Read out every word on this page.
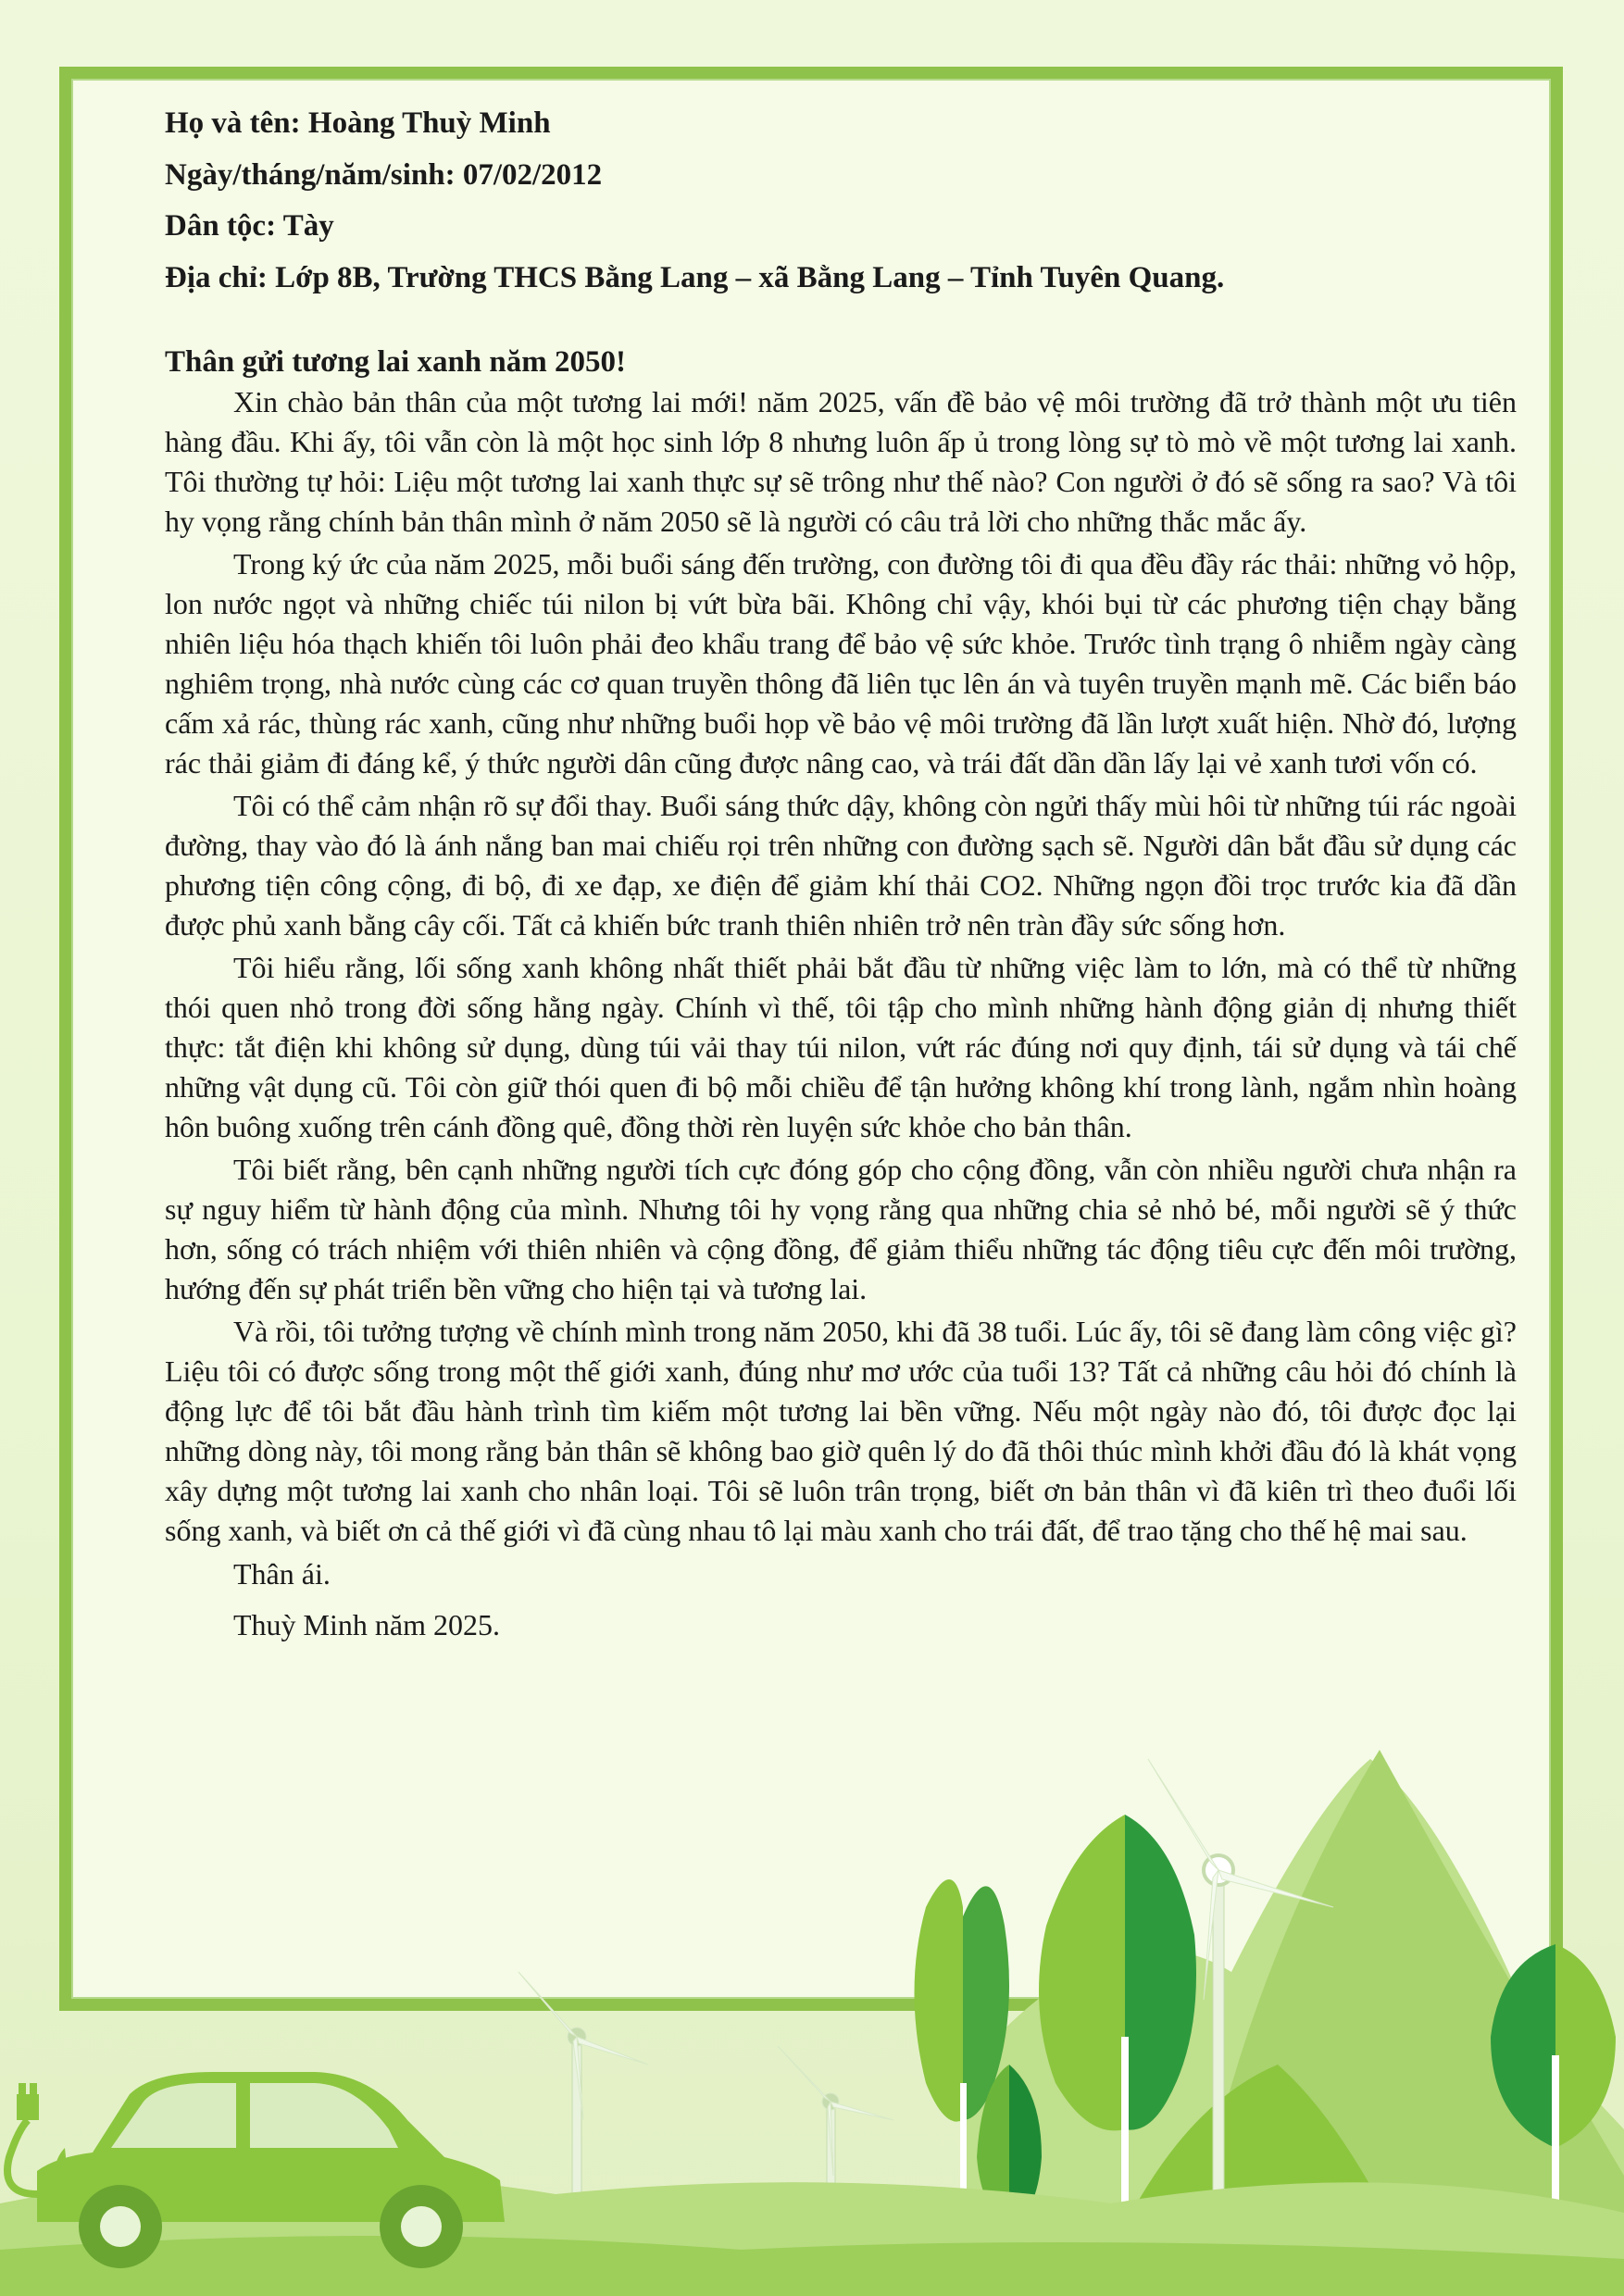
Họ và tên: Hoàng Thuỳ Minh
Ngày/tháng/năm/sinh: 07/02/2012
Dân tộc: Tày
Địa chỉ: Lớp 8B, Trường THCS Bằng Lang – xã Bằng Lang – Tỉnh Tuyên Quang.
Thân gửi tương lai xanh năm 2050!

Xin chào bản thân của một tương lai mới! năm 2025, vấn đề bảo vệ môi trường đã trở thành một ưu tiên hàng đầu. Khi ấy, tôi vẫn còn là một học sinh lớp 8 nhưng luôn ấp ủ trong lòng sự tò mò về một tương lai xanh. Tôi thường tự hỏi: Liệu một tương lai xanh thực sự sẽ trông như thế nào? Con người ở đó sẽ sống ra sao? Và tôi hy vọng rằng chính bản thân mình ở năm 2050 sẽ là người có câu trả lời cho những thắc mắc ấy.

Trong ký ức của năm 2025, mỗi buổi sáng đến trường, con đường tôi đi qua đều đầy rác thải: những vỏ hộp, lon nước ngọt và những chiếc túi nilon bị vứt bừa bãi. Không chỉ vậy, khói bụi từ các phương tiện chạy bằng nhiên liệu hóa thạch khiến tôi luôn phải đeo khẩu trang để bảo vệ sức khỏe. Trước tình trạng ô nhiễm ngày càng nghiêm trọng, nhà nước cùng các cơ quan truyền thông đã liên tục lên án và tuyên truyền mạnh mẽ. Các biển báo cấm xả rác, thùng rác xanh, cũng như những buổi họp về bảo vệ môi trường đã lần lượt xuất hiện. Nhờ đó, lượng rác thải giảm đi đáng kể, ý thức người dân cũng được nâng cao, và trái đất dần dần lấy lại vẻ xanh tươi vốn có.

Tôi có thể cảm nhận rõ sự đổi thay. Buổi sáng thức dậy, không còn ngửi thấy mùi hôi từ những túi rác ngoài đường, thay vào đó là ánh nắng ban mai chiếu rọi trên những con đường sạch sẽ. Người dân bắt đầu sử dụng các phương tiện công cộng, đi bộ, đi xe đạp, xe điện để giảm khí thải CO2. Những ngọn đồi trọc trước kia đã dần được phủ xanh bằng cây cối. Tất cả khiến bức tranh thiên nhiên trở nên tràn đầy sức sống hơn.

Tôi hiểu rằng, lối sống xanh không nhất thiết phải bắt đầu từ những việc làm to lớn, mà có thể từ những thói quen nhỏ trong đời sống hằng ngày. Chính vì thế, tôi tập cho mình những hành động giản dị nhưng thiết thực: tắt điện khi không sử dụng, dùng túi vải thay túi nilon, vứt rác đúng nơi quy định, tái sử dụng và tái chế những vật dụng cũ. Tôi còn giữ thói quen đi bộ mỗi chiều để tận hưởng không khí trong lành, ngắm nhìn hoàng hôn buông xuống trên cánh đồng quê, đồng thời rèn luyện sức khỏe cho bản thân.

Tôi biết rằng, bên cạnh những người tích cực đóng góp cho cộng đồng, vẫn còn nhiều người chưa nhận ra sự nguy hiểm từ hành động của mình. Nhưng tôi hy vọng rằng qua những chia sẻ nhỏ bé, mỗi người sẽ ý thức hơn, sống có trách nhiệm với thiên nhiên và cộng đồng, để giảm thiểu những tác động tiêu cực đến môi trường, hướng đến sự phát triển bền vững cho hiện tại và tương lai.

Và rồi, tôi tưởng tượng về chính mình trong năm 2050, khi đã 38 tuổi. Lúc ấy, tôi sẽ đang làm công việc gì? Liệu tôi có được sống trong một thế giới xanh, đúng như mơ ước của tuổi 13? Tất cả những câu hỏi đó chính là động lực để tôi bắt đầu hành trình tìm kiếm một tương lai bền vững. Nếu một ngày nào đó, tôi được đọc lại những dòng này, tôi mong rằng bản thân sẽ không bao giờ quên lý do đã thôi thúc mình khởi đầu đó là khát vọng xây dựng một tương lai xanh cho nhân loại. Tôi sẽ luôn trân trọng, biết ơn bản thân vì đã kiên trì theo đuổi lối sống xanh, và biết ơn cả thế giới vì đã cùng nhau tô lại màu xanh cho trái đất, để trao tặng cho thế hệ mai sau.

Thân ái.
Thuỳ Minh năm 2025.
